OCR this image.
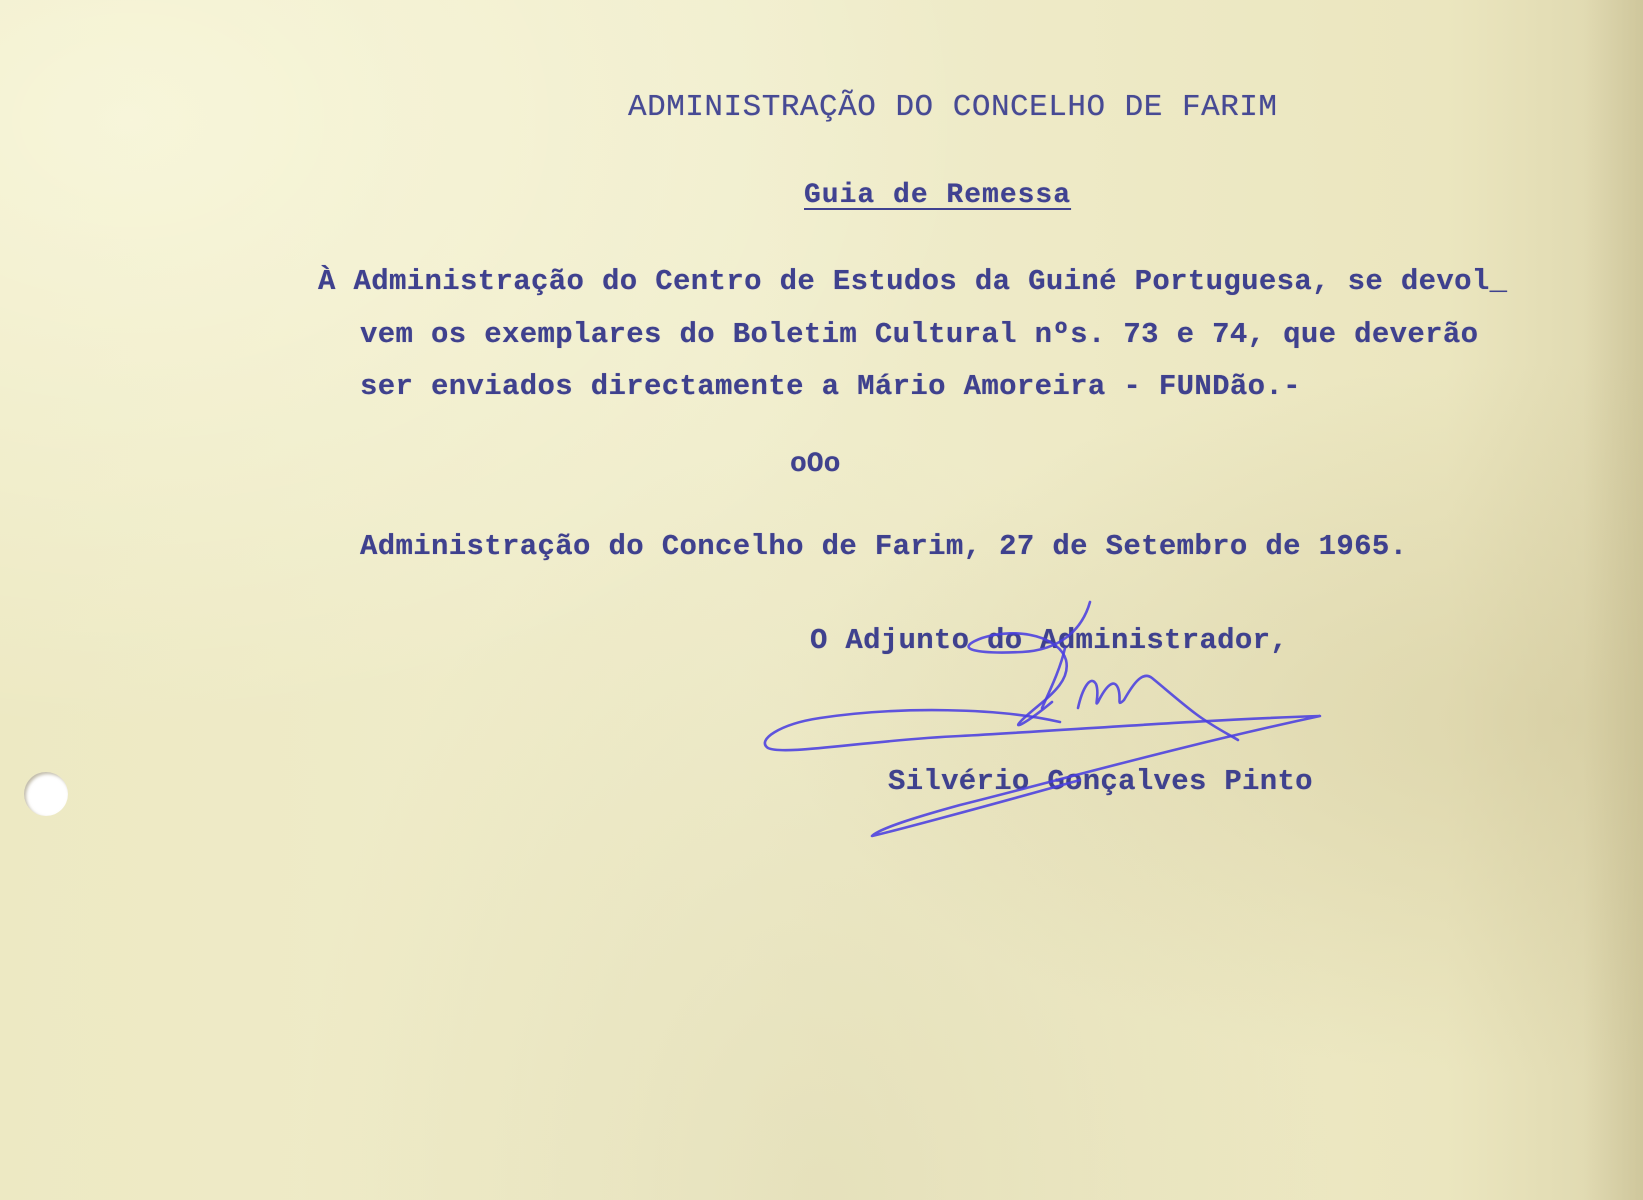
ADMINISTRAÇÃO DO CONCELHO DE FARIM
Guia de Remessa
À Administração do Centro de Estudos da Guiné Portuguesa, se devol_
vem os exemplares do Boletim Cultural nºs. 73 e 74, que deverão
ser enviados directamente a Mário Amoreira - FUNDão.-
oOo
Administração do Concelho de Farim, 27 de Setembro de 1965.
O Adjunto do Administrador,
Silvério Gonçalves Pinto
